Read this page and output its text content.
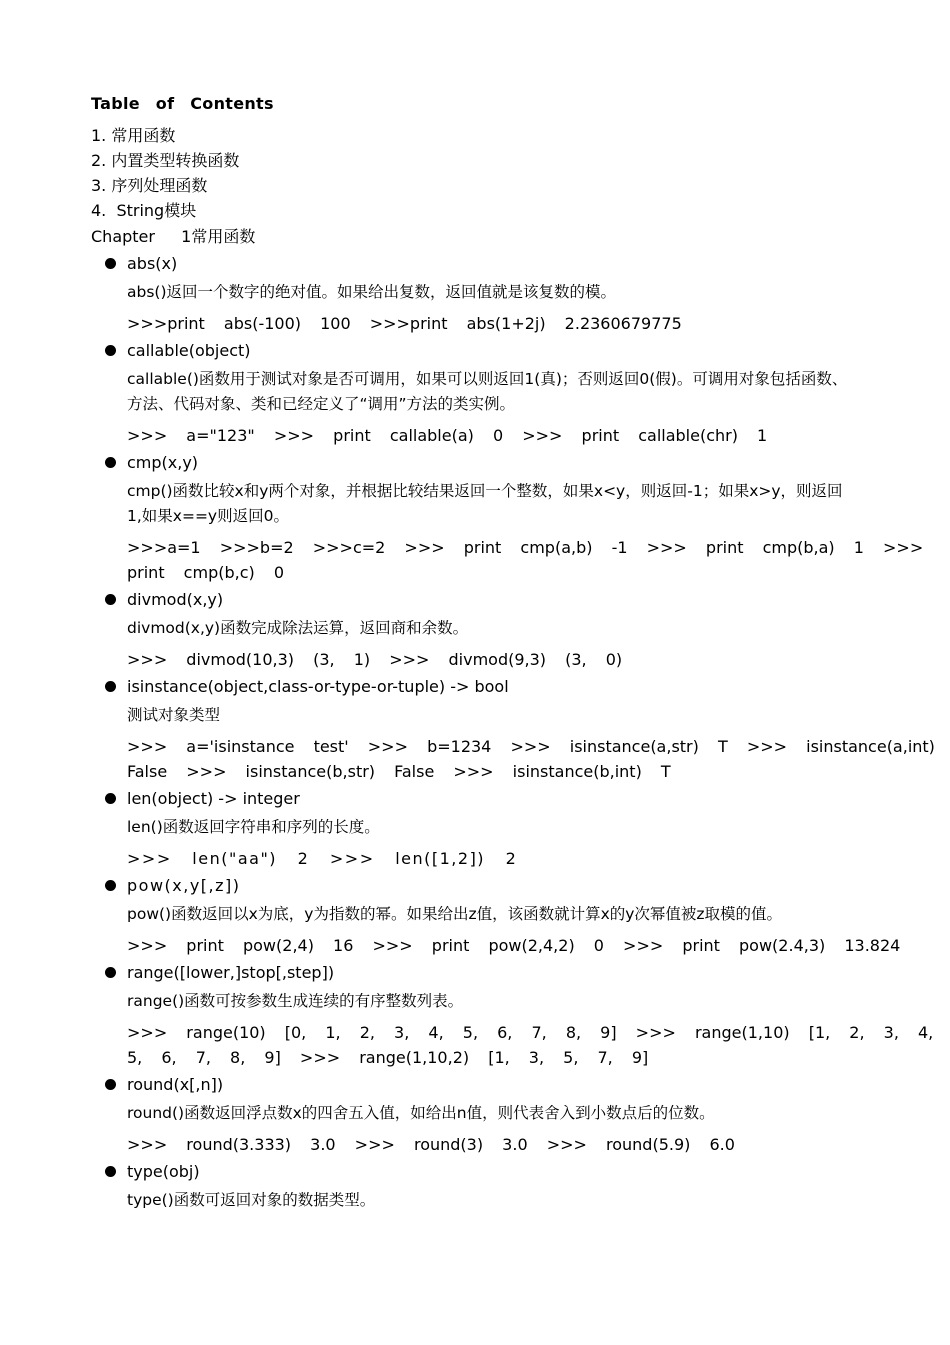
Table of Contents
1. 常用函数
2. 内置类型转换函数
3. 序列处理函数
4.  String模块
Chapter  1常用函数
abs(x)
abs()返回一个数字的绝对值。如果给出复数，返回值就是该复数的模。
>>>print abs(-100) 100 >>>print abs(1+2j) 2.2360679775
callable(object)
callable()函数用于测试对象是否可调用，如果可以则返回1(真)；否则返回0(假)。可调用对象包括函数、方法、代码对象、类和已经定义了“调用”方法的类实例。
>>> a="123" >>> print callable(a) 0 >>> print callable(chr) 1
cmp(x,y)
cmp()函数比较x和y两个对象，并根据比较结果返回一个整数，如果x<y，则返回-1；如果x>y，则返回1,如果x==y则返回0。
>>>a=1 >>>b=2 >>>c=2 >>> print cmp(a,b) -1 >>> print cmp(b,a) 1 >>> print cmp(b,c) 0
divmod(x,y)
divmod(x,y)函数完成除法运算，返回商和余数。
>>> divmod(10,3) (3, 1) >>> divmod(9,3) (3, 0)
isinstance(object,class-or-type-or-tuple) -> bool
测试对象类型
>>> a='isinstance test' >>> b=1234 >>> isinstance(a,str) T >>> isinstance(a,int) False >>> isinstance(b,str) False >>> isinstance(b,int) T
len(object) -> integer
len()函数返回字符串和序列的长度。
>>> len("aa") 2 >>> len([1,2]) 2
pow(x,y[,z])
pow()函数返回以x为底，y为指数的幂。如果给出z值，该函数就计算x的y次幂值被z取模的值。
>>> print pow(2,4) 16 >>> print pow(2,4,2) 0 >>> print pow(2.4,3) 13.824
range([lower,]stop[,step])
range()函数可按参数生成连续的有序整数列表。
>>> range(10) [0, 1, 2, 3, 4, 5, 6, 7, 8, 9] >>> range(1,10) [1, 2, 3, 4, 5, 6, 7, 8, 9] >>> range(1,10,2) [1, 3, 5, 7, 9]
round(x[,n])
round()函数返回浮点数x的四舍五入值，如给出n值，则代表舍入到小数点后的位数。
>>> round(3.333) 3.0 >>> round(3) 3.0 >>> round(5.9) 6.0
type(obj)
type()函数可返回对象的数据类型。
